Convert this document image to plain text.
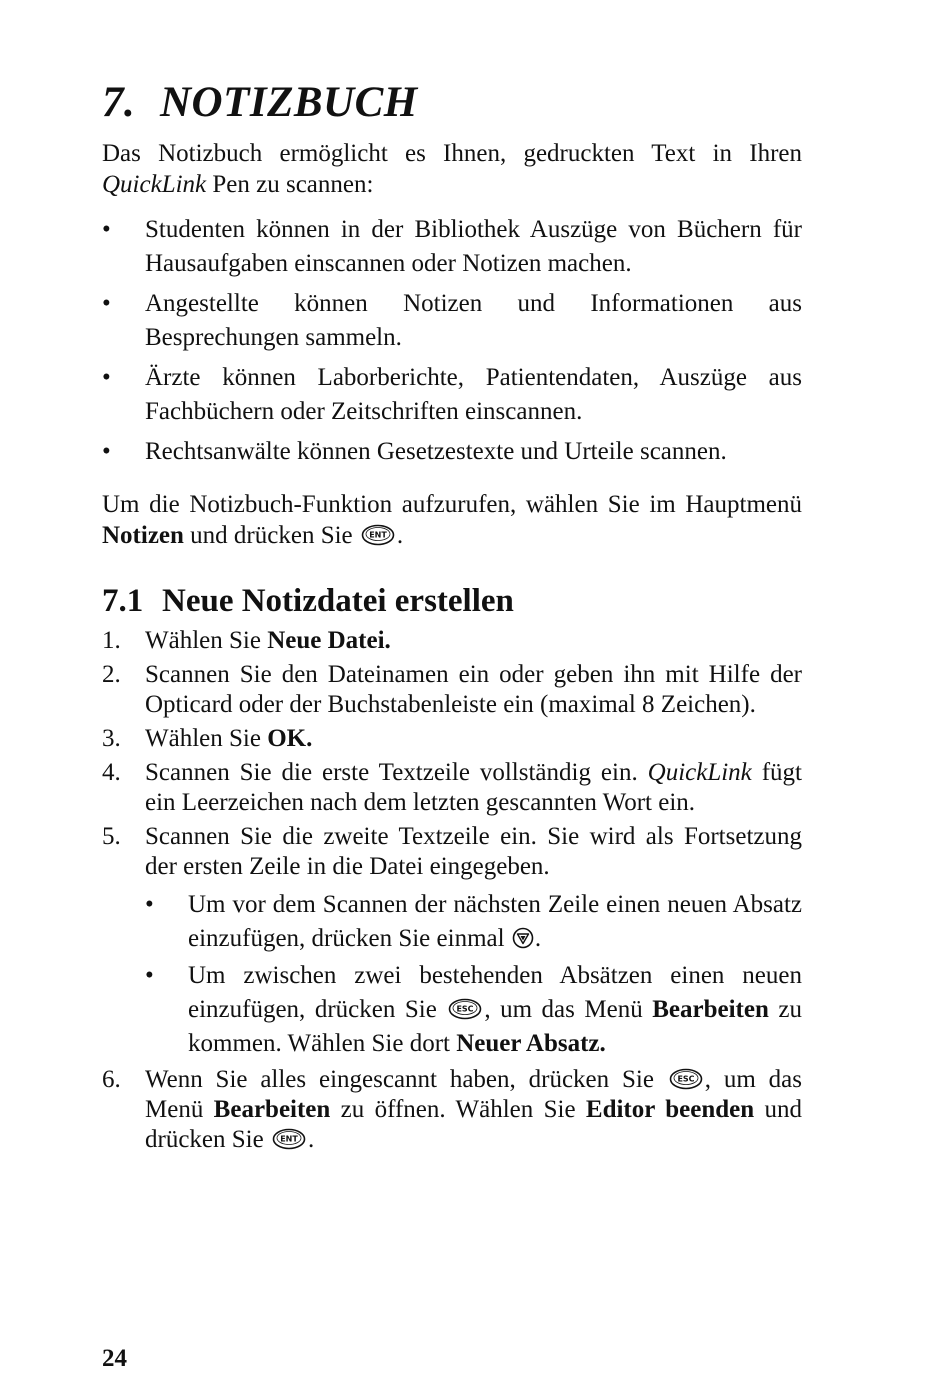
7. NOTIZBUCH
Das Notizbuch ermöglicht es Ihnen, gedruckten Text in Ihren QuickLink Pen zu scannen:
• Studenten können in der Bibliothek Auszüge von Büchern für Hausaufgaben einscannen oder Notizen machen.
• Angestellte können Notizen und Informationen aus Besprechungen sammeln.
• Ärzte können Laborberichte, Patientendaten, Auszüge aus Fachbüchern oder Zeitschriften einscannen.
• Rechtsanwälte können Gesetzestexte und Urteile scannen.
Um die Notizbuch-Funktion aufzurufen, wählen Sie im Hauptmenü Notizen und drücken Sie ENT .
7.1 Neue Notizdatei erstellen
1. Wählen Sie Neue Datei.
2. Scannen Sie den Dateinamen ein oder geben ihn mit Hilfe der Opticard oder der Buchstabenleiste ein (maximal 8 Zeichen).
3. Wählen Sie OK.
4. Scannen Sie die erste Textzeile vollständig ein. QuickLink fügt ein Leerzeichen nach dem letzten gescannten Wort ein.
5. Scannen Sie die zweite Textzeile ein. Sie wird als Fortsetzung der ersten Zeile in die Datei eingegeben.
• Um vor dem Scannen der nächsten Zeile einen neuen Absatz einzufügen, drücken Sie einmal .
• Um zwischen zwei bestehenden Absätzen einen neuen einzufügen, drücken Sie ESC , um das Menü Bearbeiten zu kommen. Wählen Sie dort Neuer Absatz.
6. Wenn Sie alles eingescannt haben, drücken Sie ESC , um das Menü Bearbeiten zu öffnen. Wählen Sie Editor beenden und drücken Sie ENT .
24
